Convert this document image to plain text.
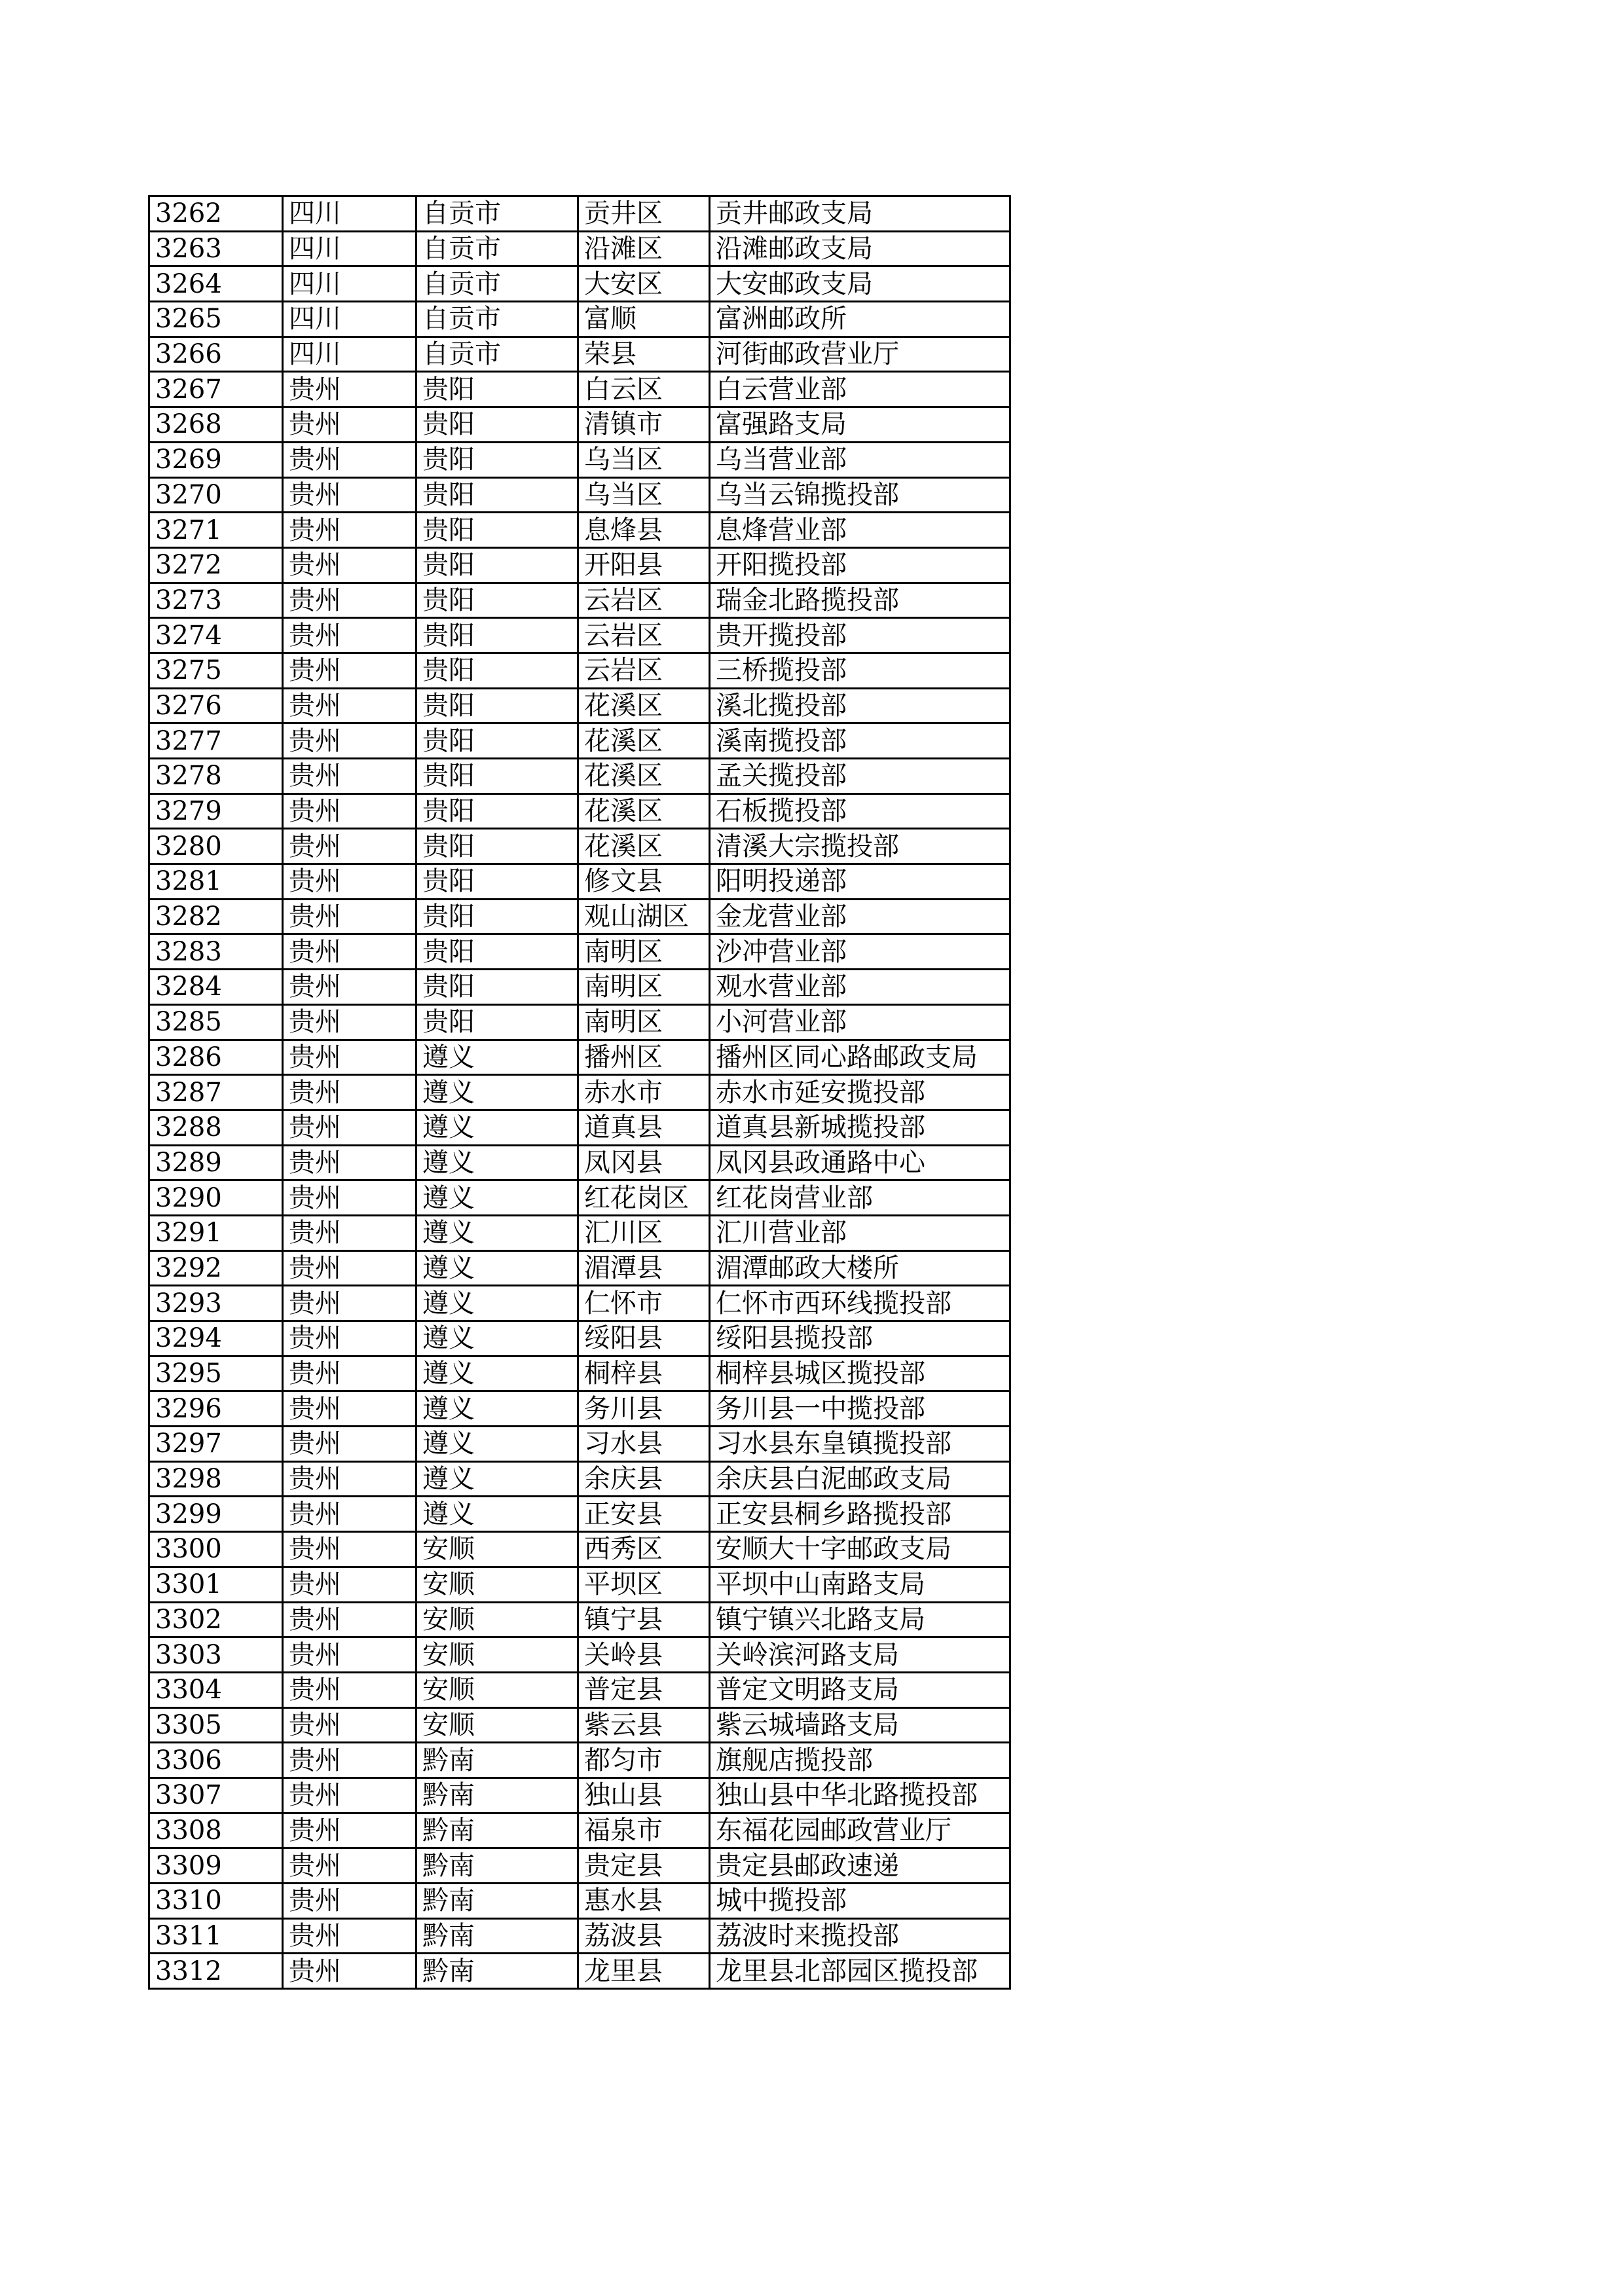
3262	四川	自贡市	贡井区	贡井邮政支局
3263	四川	自贡市	沿滩区	沿滩邮政支局
3264	四川	自贡市	大安区	大安邮政支局
3265	四川	自贡市	富顺	富洲邮政所
3266	四川	自贡市	荣县	河街邮政营业厅
3267	贵州	贵阳	白云区	白云营业部
3268	贵州	贵阳	清镇市	富强路支局
3269	贵州	贵阳	乌当区	乌当营业部
3270	贵州	贵阳	乌当区	乌当云锦揽投部
3271	贵州	贵阳	息烽县	息烽营业部
3272	贵州	贵阳	开阳县	开阳揽投部
3273	贵州	贵阳	云岩区	瑞金北路揽投部
3274	贵州	贵阳	云岩区	贵开揽投部
3275	贵州	贵阳	云岩区	三桥揽投部
3276	贵州	贵阳	花溪区	溪北揽投部
3277	贵州	贵阳	花溪区	溪南揽投部
3278	贵州	贵阳	花溪区	孟关揽投部
3279	贵州	贵阳	花溪区	石板揽投部
3280	贵州	贵阳	花溪区	清溪大宗揽投部
3281	贵州	贵阳	修文县	阳明投递部
3282	贵州	贵阳	观山湖区	金龙营业部
3283	贵州	贵阳	南明区	沙冲营业部
3284	贵州	贵阳	南明区	观水营业部
3285	贵州	贵阳	南明区	小河营业部
3286	贵州	遵义	播州区	播州区同心路邮政支局
3287	贵州	遵义	赤水市	赤水市延安揽投部
3288	贵州	遵义	道真县	道真县新城揽投部
3289	贵州	遵义	凤冈县	凤冈县政通路中心
3290	贵州	遵义	红花岗区	红花岗营业部
3291	贵州	遵义	汇川区	汇川营业部
3292	贵州	遵义	湄潭县	湄潭邮政大楼所
3293	贵州	遵义	仁怀市	仁怀市西环线揽投部
3294	贵州	遵义	绥阳县	绥阳县揽投部
3295	贵州	遵义	桐梓县	桐梓县城区揽投部
3296	贵州	遵义	务川县	务川县一中揽投部
3297	贵州	遵义	习水县	习水县东皇镇揽投部
3298	贵州	遵义	余庆县	余庆县白泥邮政支局
3299	贵州	遵义	正安县	正安县桐乡路揽投部
3300	贵州	安顺	西秀区	安顺大十字邮政支局
3301	贵州	安顺	平坝区	平坝中山南路支局
3302	贵州	安顺	镇宁县	镇宁镇兴北路支局
3303	贵州	安顺	关岭县	关岭滨河路支局
3304	贵州	安顺	普定县	普定文明路支局
3305	贵州	安顺	紫云县	紫云城墙路支局
3306	贵州	黔南	都匀市	旗舰店揽投部
3307	贵州	黔南	独山县	独山县中华北路揽投部
3308	贵州	黔南	福泉市	东福花园邮政营业厅
3309	贵州	黔南	贵定县	贵定县邮政速递
3310	贵州	黔南	惠水县	城中揽投部
3311	贵州	黔南	荔波县	荔波时来揽投部
3312	贵州	黔南	龙里县	龙里县北部园区揽投部
